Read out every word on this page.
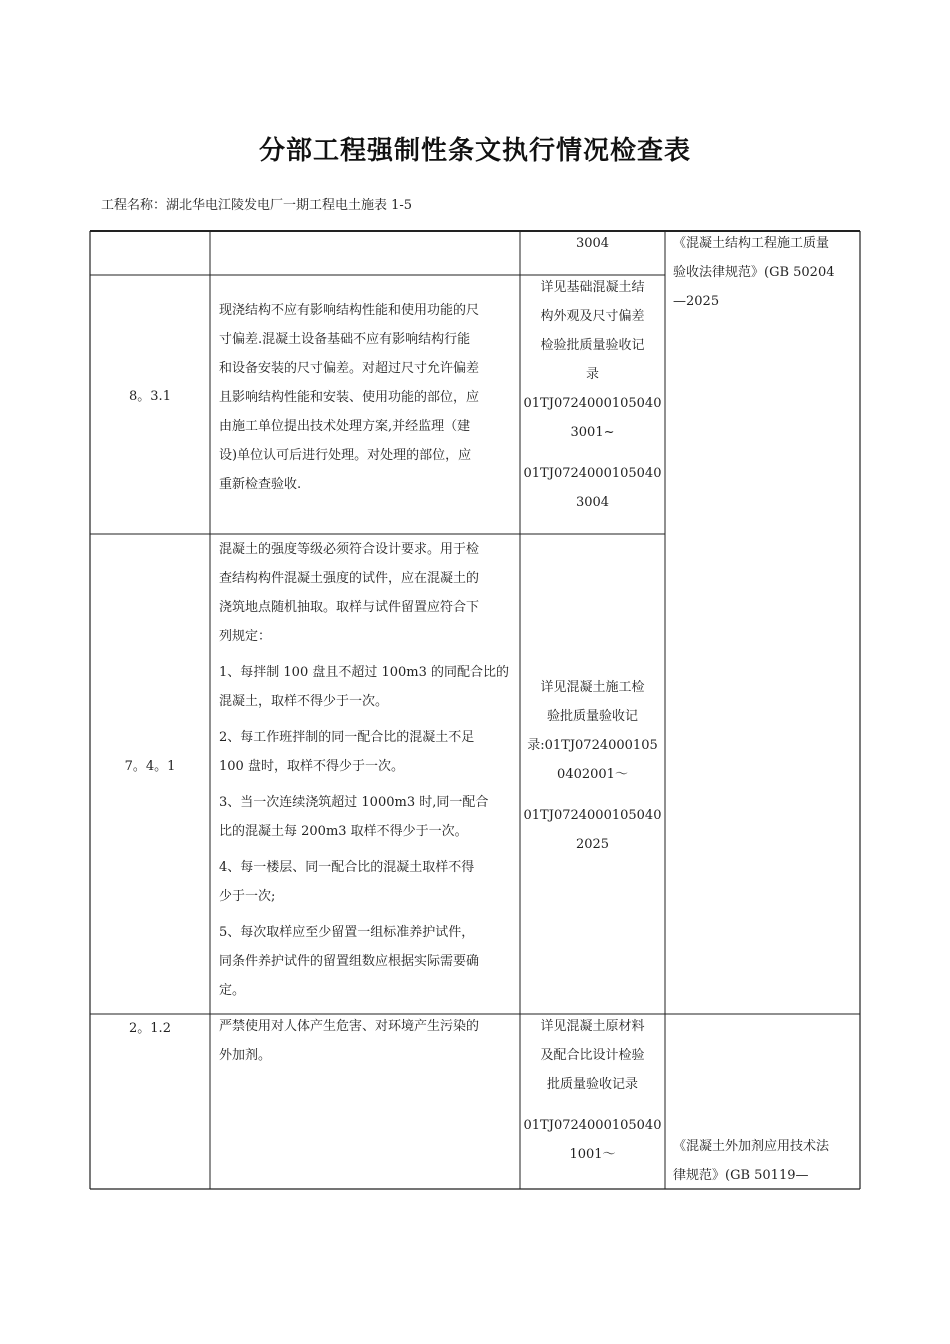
分部工程强制性条文执行情况检查表
工程名称：湖北华电江陵发电厂一期工程电土施表 1-5

3004	《混凝土结构工程施工质量

验收法律规范》(GB 50204

—2025

8。3.1

现浇结构不应有影响结构性能和使用功能的尺

寸偏差.混凝土设备基础不应有影响结构行能

和设备安装的尺寸偏差。对超过尺寸允许偏差

且影响结构性能和安装、使用功能的部位，应

由施工单位提出技术处理方案,并经监理（建

设)单位认可后进行处理。对处理的部位，应

重新检查验收.

详见基础混凝土结

构外观及尺寸偏差

检验批质量验收记

录

01TJ0724000105040

3001~

01TJ0724000105040

3004

7。4。1

混凝土的强度等级必须符合设计要求。用于检

查结构构件混凝土强度的试件，应在混凝土的

浇筑地点随机抽取。取样与试件留置应符合下

列规定：

1、每拌制 100 盘且不超过 100m3 的同配合比的

混凝土，取样不得少于一次。

2、每工作班拌制的同一配合比的混凝土不足

100 盘时，取样不得少于一次。

3、当一次连续浇筑超过 1000m3 时,同一配合

比的混凝土每 200m3 取样不得少于一次。

4、每一楼层、同一配合比的混凝土取样不得

少于一次;

5、每次取样应至少留置一组标准养护试件，

同条件养护试件的留置组数应根据实际需要确

定。

详见混凝土施工检

验批质量验收记

录:01TJ0724000105

0402001～

01TJ0724000105040

2025

2。1.2	严禁使用对人体产生危害、对环境产生污染的

外加剂。

详见混凝土原材料

及配合比设计检验

批质量验收记录

01TJ0724000105040

1001～

《混凝土外加剂应用技术法

律规范》(GB 50119—
